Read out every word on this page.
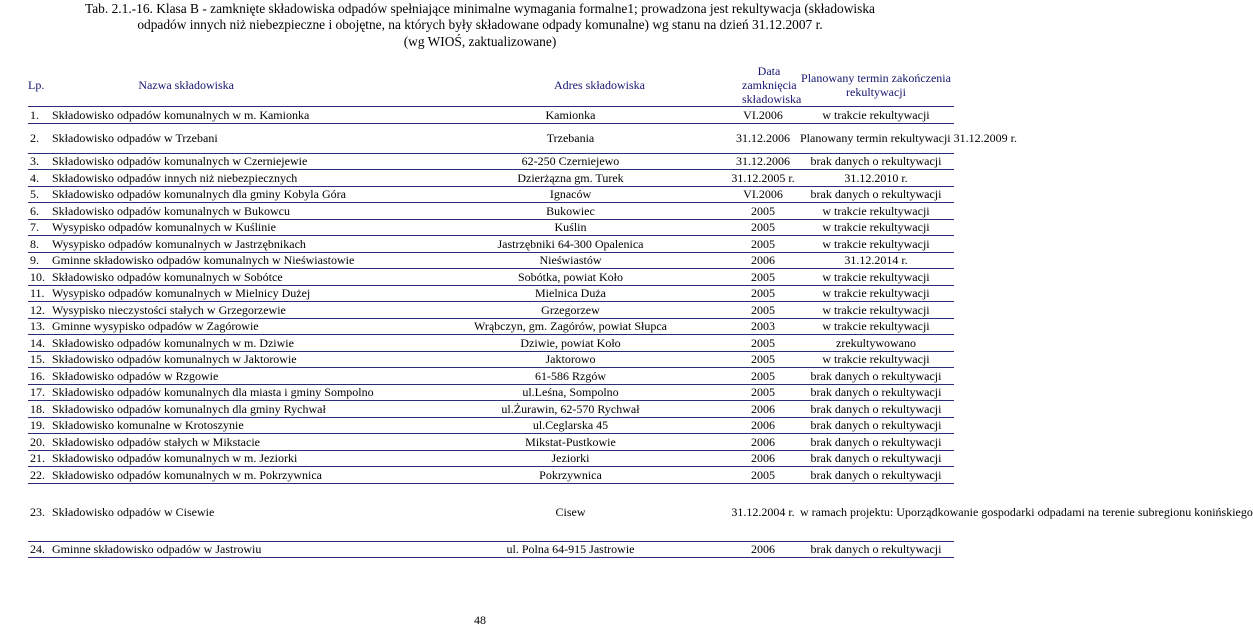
Tab. 2.1.-16. Klasa B - zamknięte składowiska odpadów spełniające minimalne wymagania formalne1; prowadzona jest rekultywacja (składowiska
odpadów innych niż niebezpieczne i obojętne, na których były składowane odpady komunalne) wg stanu na dzień 31.12.2007 r.
(wg WIOŚ, zaktualizowane)
Lp. Nazwa składowiska	Adres składowiska	Data zamknięcia składowiska	Planowany termin zakończenia rekultywacji
1. Składowisko odpadów komunalnych w m. Kamionka	Kamionka	VI.2006	w trakcie rekultywacji
2. Składowisko odpadów w Trzebani	Trzebania	31.12.2006	Planowany termin rekultywacji 31.12.2009 r.
3. Składowisko odpadów komunalnych w Czerniejewie	62-250 Czerniejewo	31.12.2006	brak danych o rekultywacji
4. Składowisko odpadów innych niż niebezpiecznych	Dzierżązna gm. Turek	31.12.2005 r.	31.12.2010 r.
5. Składowisko odpadów komunalnych dla gminy Kobyla Góra	Ignaców	VI.2006	brak danych o rekultywacji
6. Składowisko odpadów komunalnych w Bukowcu	Bukowiec	2005	w trakcie rekultywacji
7. Wysypisko odpadów komunalnych w Kuślinie	Kuślin	2005	w trakcie rekultywacji
8. Wysypisko odpadów komunalnych w Jastrzębnikach	Jastrzębniki 64-300 Opalenica	2005	w trakcie rekultywacji
9. Gminne składowisko odpadów komunalnych w Nieświastowie	Nieświastów	2006	31.12.2014 r.
10. Składowisko odpadów komunalnych w Sobótce	Sobótka, powiat Koło	2005	w trakcie rekultywacji
11. Wysypisko odpadów komunalnych w Mielnicy Dużej	Mielnica Duża	2005	w trakcie rekultywacji
12. Wysypisko nieczystości stałych w Grzegorzewie	Grzegorzew	2005	w trakcie rekultywacji
13. Gminne wysypisko odpadów w Zagórowie	Wrąbczyn, gm. Zagórów, powiat Słupca	2003	w trakcie rekultywacji
14. Składowisko odpadów komunalnych w m. Dziwie	Dziwie, powiat Koło	2005	zrekultywowano
15. Składowisko odpadów komunalnych w Jaktorowie	Jaktorowo	2005	w trakcie rekultywacji
16. Składowisko odpadów w Rzgowie	61-586 Rzgów	2005	brak danych o rekultywacji
17. Składowisko odpadów komunalnych dla miasta i gminy Sompolno	ul.Leśna, Sompolno	2005	brak danych o rekultywacji
18. Składowisko odpadów komunalnych dla gminy Rychwał	ul.Żurawin, 62-570 Rychwał	2006	brak danych o rekultywacji
19. Składowisko komunalne w Krotoszynie	ul.Ceglarska 45	2006	brak danych o rekultywacji
20. Składowisko odpadów stałych w Mikstacie	Mikstat-Pustkowie	2006	brak danych o rekultywacji
21. Składowisko odpadów komunalnych w m. Jeziorki	Jeziorki	2006	brak danych o rekultywacji
22. Składowisko odpadów komunalnych w m. Pokrzywnica	Pokrzywnica	2005	brak danych o rekultywacji
23. Składowisko odpadów w Cisewie	Cisew	31.12.2004 r.	w ramach projektu: Uporządkowanie gospodarki odpadami na terenie subregionu konińskiego
24. Gminne składowisko odpadów w Jastrowiu	ul. Polna 64-915 Jastrowie	2006	brak danych o rekultywacji
48
